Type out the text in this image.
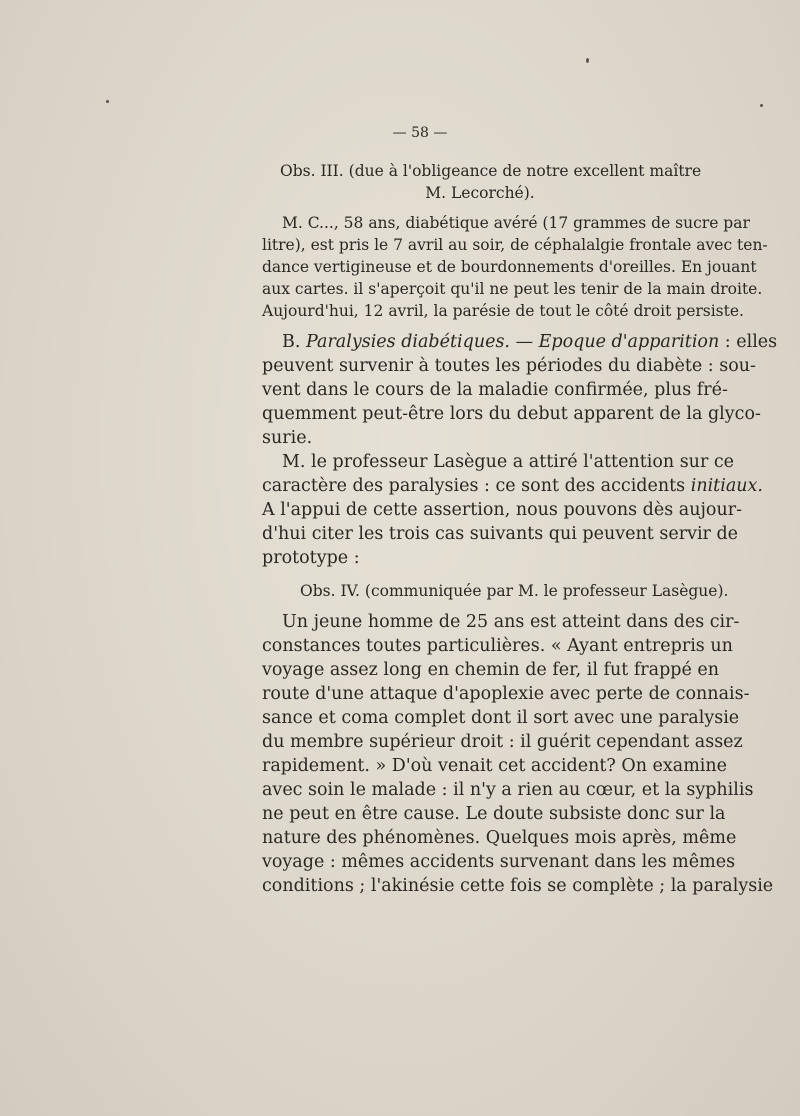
— 58 —
Obs. III. (due à l'obligeance de notre excellent maître
M. Lecorché).
M. C..., 58 ans, diabétique avéré (17 grammes de sucre par
litre), est pris le 7 avril au soir, de céphalalgie frontale avec ten-
dance vertigineuse et de bourdonnements d'oreilles. En jouant
aux cartes. il s'aperçoit qu'il ne peut les tenir de la main droite.
Aujourd'hui, 12 avril, la parésie de tout le côté droit persiste.
B. Paralysies diabétiques. — Epoque d'apparition : elles
peuvent survenir à toutes les périodes du diabète : sou-
vent dans le cours de la maladie confirmée, plus fré-
quemment peut-être lors du debut apparent de la glyco-
surie.
M. le professeur Lasègue a attiré l'attention sur ce
caractère des paralysies : ce sont des accidents initiaux.
A l'appui de cette assertion, nous pouvons dès aujour-
d'hui citer les trois cas suivants qui peuvent servir de
prototype :
Obs. IV. (communiquée par M. le professeur Lasègue).
Un jeune homme de 25 ans est atteint dans des cir-
constances toutes particulières. « Ayant entrepris un
voyage assez long en chemin de fer, il fut frappé en
route d'une attaque d'apoplexie avec perte de connais-
sance et coma complet dont il sort avec une paralysie
du membre supérieur droit : il guérit cependant assez
rapidement. » D'où venait cet accident? On examine
avec soin le malade : il n'y a rien au cœur, et la syphilis
ne peut en être cause. Le doute subsiste donc sur la
nature des phénomènes. Quelques mois après, même
voyage : mêmes accidents survenant dans les mêmes
conditions ; l'akinésie cette fois se complète ; la paralysie
